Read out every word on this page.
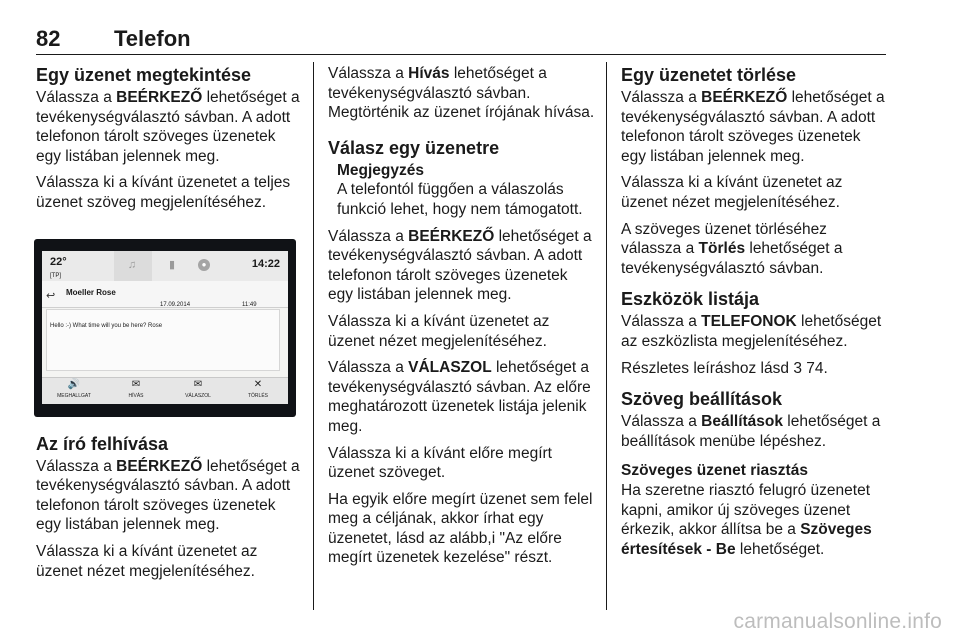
82 Telefon
Egy üzenet megtekintése

Válassza a BEÉRKEZŐ lehetőséget a tevékenységválasztó sávban. A adott telefonon tárolt szöveges üzenetek egy listában jelennek meg.

Válassza ki a kívánt üzenetet a teljes üzenet szöveg megjelenítéséhez.

22°
[TP]
♫	▮	●	14:22
↩ Moeller Rose
17.09.2014	11:49
Hello :-) What time will you be here? Rose
🔊
MEGHALLGAT
✉
HÍVÁS
✉
VÁLASZOL
✕
TÖRLÉS
Az író felhívása

Válassza a BEÉRKEZŐ lehetőséget a tevékenységválasztó sávban. A adott telefonon tárolt szöveges üzenetek egy listában jelennek meg.

Válassza ki a kívánt üzenetet az üzenet nézet megjelenítéséhez.

Válassza a Hívás lehetőséget a tevékenységválasztó sávban. Megtörténik az üzenet írójának hívása.

Válasz egy üzenetre
Megjegyzés
A telefontól függően a válaszolás funkció lehet, hogy nem támogatott.

Válassza a BEÉRKEZŐ lehetőséget a tevékenységválasztó sávban. A adott telefonon tárolt szöveges üzenetek egy listában jelennek meg.

Válassza ki a kívánt üzenetet az üzenet nézet megjelenítéséhez.

Válassza a VÁLASZOL lehetőséget a tevékenységválasztó sávban. Az előre meghatározott üzenetek listája jelenik meg.

Válassza ki a kívánt előre megírt üzenet szöveget.

Ha egyik előre megírt üzenet sem felel meg a céljának, akkor írhat egy üzenetet, lásd az alább,i "Az előre megírt üzenetek kezelése" részt.

Egy üzenetet törlése

Válassza a BEÉRKEZŐ lehetőséget a tevékenységválasztó sávban. A adott telefonon tárolt szöveges üzenetek egy listában jelennek meg.

Válassza ki a kívánt üzenetet az üzenet nézet megjelenítéséhez.

A szöveges üzenet törléséhez válassza a Törlés lehetőséget a tevékenységválasztó sávban.

Eszközök listája

Válassza a TELEFONOK lehetőséget az eszközlista megjelenítéséhez.

Részletes leíráshoz lásd 3 74.

Szöveg beállítások

Válassza a Beállítások lehetőséget a beállítások menübe lépéshez.

Szöveges üzenet riasztás

Ha szeretne riasztó felugró üzenetet kapni, amikor új szöveges üzenet érkezik, akkor állítsa be a Szöveges értesítések - Be lehetőséget.

carmanualsonline.info
